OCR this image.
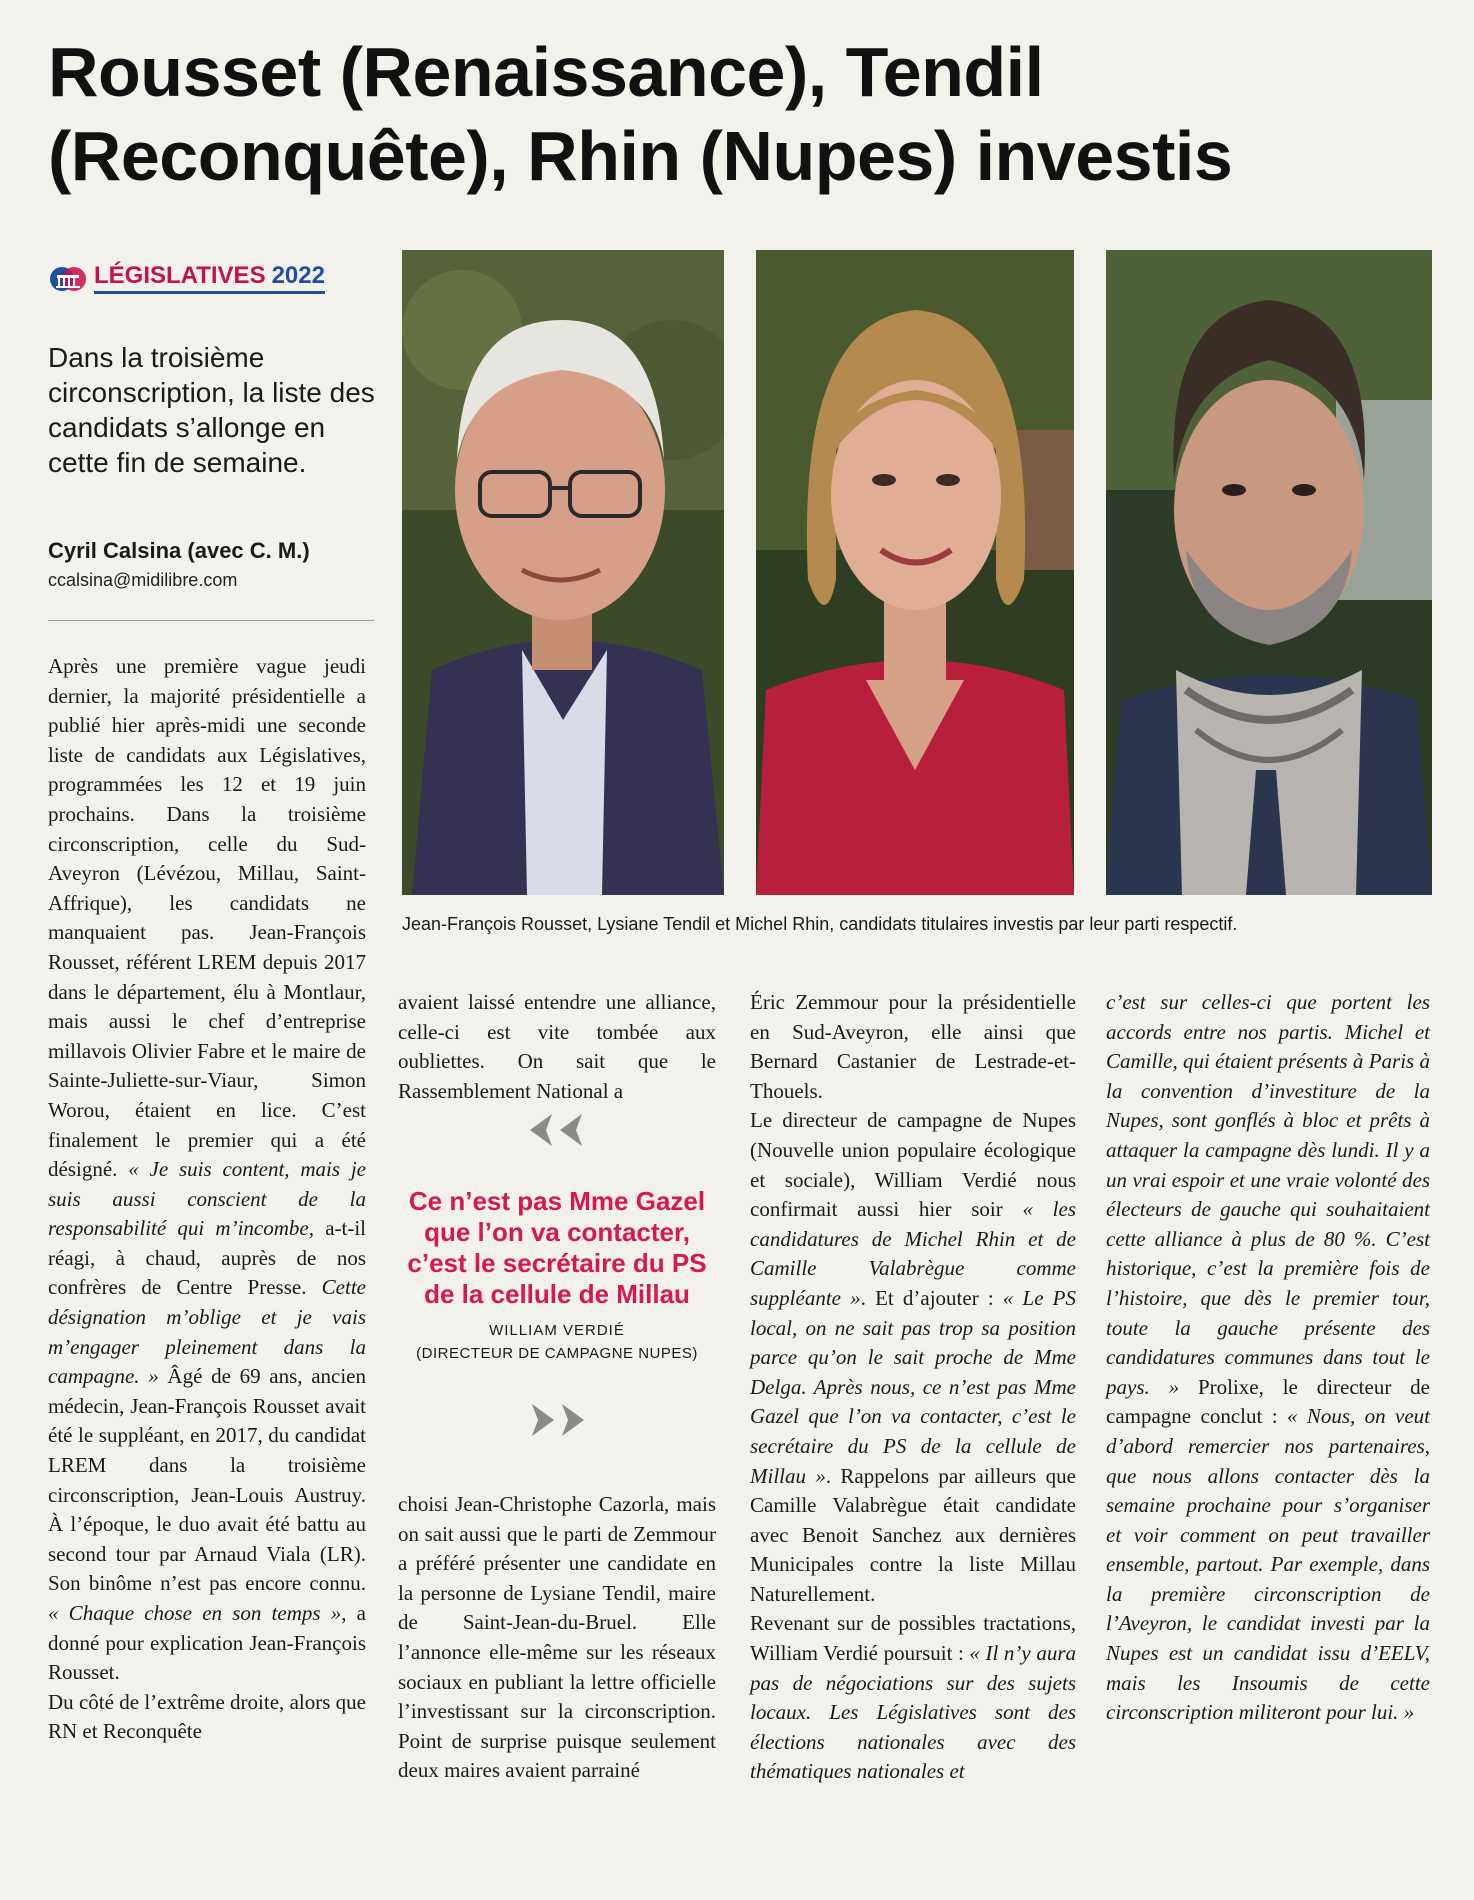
Rousset (Renaissance), Tendil (Reconquête), Rhin (Nupes) investis
LÉGISLATIVES 2022
Dans la troisième circonscription, la liste des candidats s’allonge en cette fin de semaine.
Cyril Calsina (avec C. M.)
ccalsina@midilibre.com
Jean-François Rousset, Lysiane Tendil et Michel Rhin, candidats titulaires investis par leur parti respectif.

Après une première vague jeudi dernier, la majorité présidentielle a publié hier après-midi une seconde liste de candidats aux Législatives, programmées les 12 et 19 juin prochains. Dans la troisième circonscription, celle du Sud-Aveyron (Lévézou, Millau, Saint-Affrique), les candidats ne manquaient pas. Jean-François Rousset, référent LREM depuis 2017 dans le département, élu à Montlaur, mais aussi le chef d’entreprise millavois Olivier Fabre et le maire de Sainte-Juliette-sur-Viaur, Simon Worou, étaient en lice. C’est finalement le premier qui a été désigné. « Je suis content, mais je suis aussi conscient de la responsabilité qui m’incombe, a-t-il réagi, à chaud, auprès de nos confrères de Centre Presse. Cette désignation m’oblige et je vais m’engager pleinement dans la campagne. » Âgé de 69 ans, ancien médecin, Jean-François Rousset avait été le suppléant, en 2017, du candidat LREM dans la troisième circonscription, Jean-Louis Austruy. À l’époque, le duo avait été battu au second tour par Arnaud Viala (LR). Son binôme n’est pas encore connu. « Chaque chose en son temps », a donné pour explication Jean-François Rousset.

Du côté de l’extrême droite, alors que RN et Reconquête

avaient laissé entendre une alliance, celle-ci est vite tombée aux oubliettes. On sait que le Rassemblement National a

Ce n’est pas Mme Gazel que l’on va contacter, c’est le secrétaire du PS de la cellule de Millau
WILLIAM VERDIÉ
(DIRECTEUR DE CAMPAGNE NUPES)

choisi Jean-Christophe Cazorla, mais on sait aussi que le parti de Zemmour a préféré présenter une candidate en la personne de Lysiane Tendil, maire de Saint-Jean-du-Bruel. Elle l’annonce elle-même sur les réseaux sociaux en publiant la lettre officielle l’investissant sur la circonscription. Point de surprise puisque seulement deux maires avaient parrainé

Éric Zemmour pour la présidentielle en Sud-Aveyron, elle ainsi que Bernard Castanier de Lestrade-et-Thouels.

Le directeur de campagne de Nupes (Nouvelle union populaire écologique et sociale), William Verdié nous confirmait aussi hier soir « les candidatures de Michel Rhin et de Camille Valabrègue comme suppléante ». Et d’ajouter : « Le PS local, on ne sait pas trop sa position parce qu’on le sait proche de Mme Delga. Après nous, ce n’est pas Mme Gazel que l’on va contacter, c’est le secrétaire du PS de la cellule de Millau ». Rappelons par ailleurs que Camille Valabrègue était candidate avec Benoit Sanchez aux dernières Municipales contre la liste Millau Naturellement.

Revenant sur de possibles tractations, William Verdié poursuit : « Il n’y aura pas de négociations sur des sujets locaux. Les Législatives sont des élections nationales avec des thématiques nationales et

c’est sur celles-ci que portent les accords entre nos partis. Michel et Camille, qui étaient présents à Paris à la convention d’investiture de la Nupes, sont gonflés à bloc et prêts à attaquer la campagne dès lundi. Il y a un vrai espoir et une vraie volonté des électeurs de gauche qui souhaitaient cette alliance à plus de 80 %. C’est historique, c’est la première fois de l’histoire, que dès le premier tour, toute la gauche présente des candidatures communes dans tout le pays. » Prolixe, le directeur de campagne conclut : « Nous, on veut d’abord remercier nos partenaires, que nous allons contacter dès la semaine prochaine pour s’organiser et voir comment on peut travailler ensemble, partout. Par exemple, dans la première circonscription de l’Aveyron, le candidat investi par la Nupes est un candidat issu d’EELV, mais les Insoumis de cette circonscription militeront pour lui. »
